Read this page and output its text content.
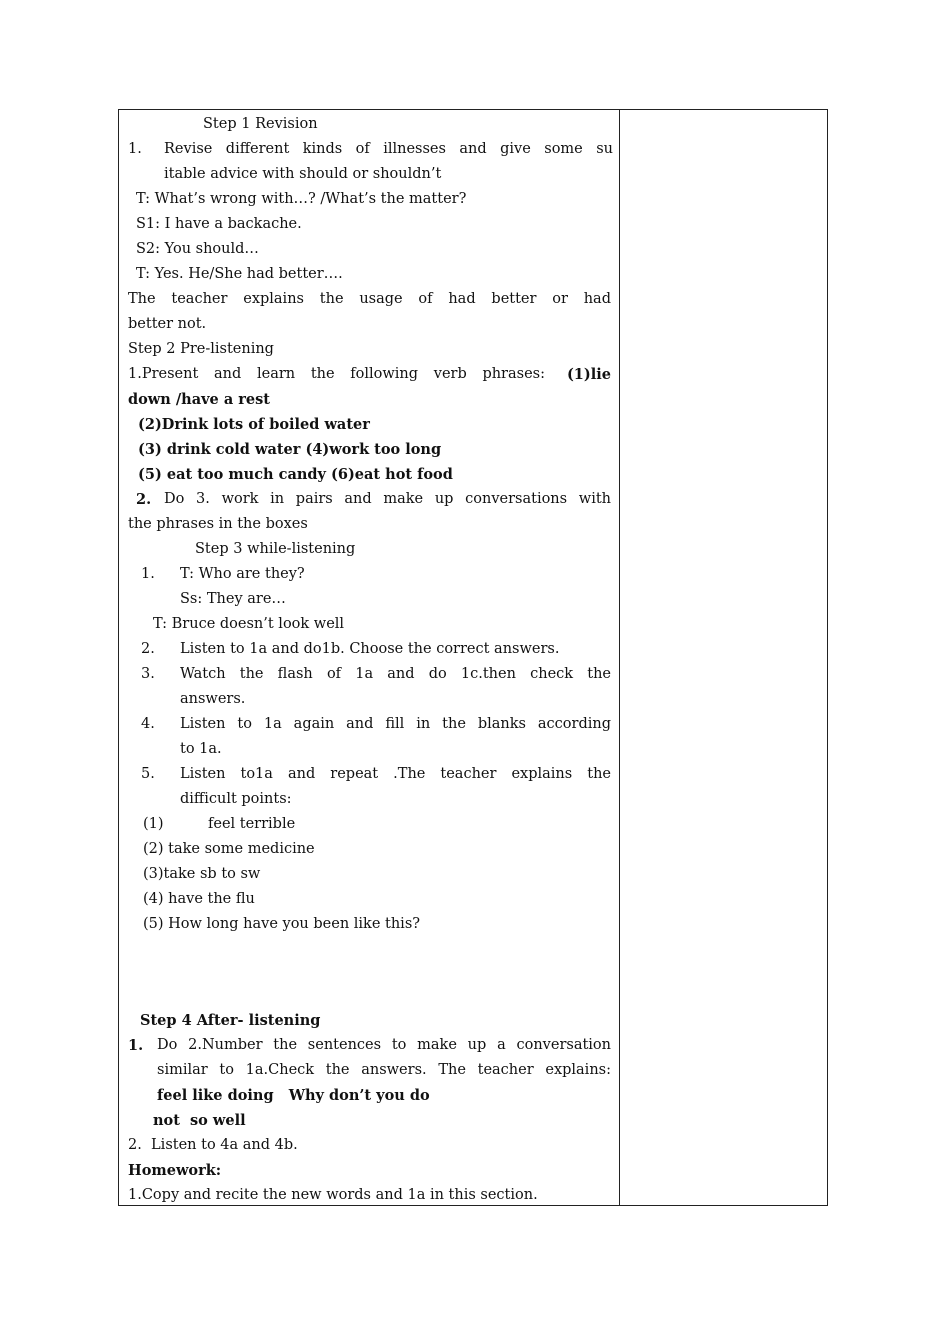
Step 1 Revision
1. Revise different kinds of illnesses and give some su
itable advice with should or shouldn’t
T: What’s wrong with…? /What’s the matter?
S1: I have a backache.
S2: You should…
T: Yes. He/She had better….
The teacher explains the usage of had better or had
better not.
Step 2 Pre-listening
1.Present and learn the following verb phrases: (1)lie
down /have a rest
(2)Drink lots of boiled water
(3) drink cold water (4)work too long
(5) eat too much candy (6)eat hot food
2. Do 3. work in pairs and make up conversations with
the phrases in the boxes
Step 3 while-listening
1. T: Who are they?
Ss: They are…
T: Bruce doesn’t look well
2. Listen to 1a and do1b. Choose the correct answers.
3. Watch the flash of 1a and do 1c.then check the
answers.
4. Listen to 1a again and fill in the blanks according
to 1a.
5. Listen to1a and repeat .The teacher explains the
difficult points:
(1)	feel terrible
(2) take some medicine
(3)take sb to sw
(4) have the flu
(5) How long have you been like this?
Step 4 After- listening
1. Do 2.Number the sentences to make up a conversation
similar to 1a.Check the answers. The teacher explains:
feel like doing   Why don’t you do
not  so well
2.  Listen to 4a and 4b.
Homework:
1.Copy and recite the new words and 1a in this section.
